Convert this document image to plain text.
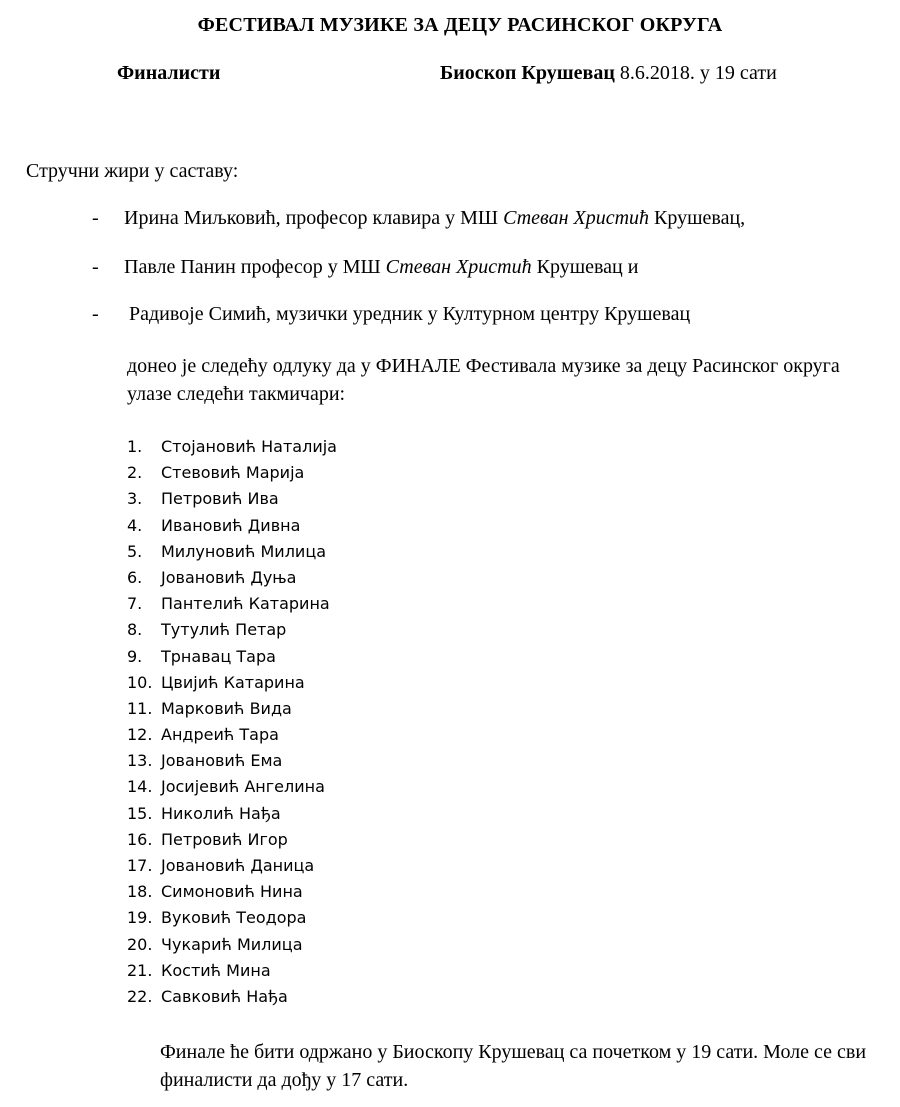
ФЕСТИВАЛ МУЗИКЕ ЗА ДЕЦУ РАСИНСКОГ ОКРУГА
Финалисти	Биоскоп Крушевац 8.6.2018. у 19 сати
Стручни жири у саставу:
- Ирина Миљковић, професор клавира у МШ Стеван Христић Крушевац,
- Павле Панин професор у МШ Стеван Христић Крушевац и
- Радивоје Симић, музички уредник у Културном центру Крушевац
донео је следећу одлуку да у ФИНАЛЕ Фестивала музике за децу Расинског округа улазе следећи такмичари:
1. Стојановић Наталија
2. Стевовић Марија
3. Петровић Ива
4. Ивановић Дивна
5. Милуновић Милица
6. Јовановић Дуња
7. Пантелић Катарина
8. Тутулић Петар
9. Трнавац Тара
10. Цвијић Катарина
11. Марковић Вида
12. Андреић Тара
13. Јовановић Ема
14. Јосијевић Ангелина
15. Николић Нађа
16. Петровић Игор
17. Јовановић Даница
18. Симоновић Нина
19. Вуковић Теодора
20. Чукарић Милица
21. Костић Мина
22. Савковић Нађа
Финале ће бити одржано у Биоскопу Крушевац са почетком у 19 сати. Моле се сви финалисти да дођу у 17 сати.
